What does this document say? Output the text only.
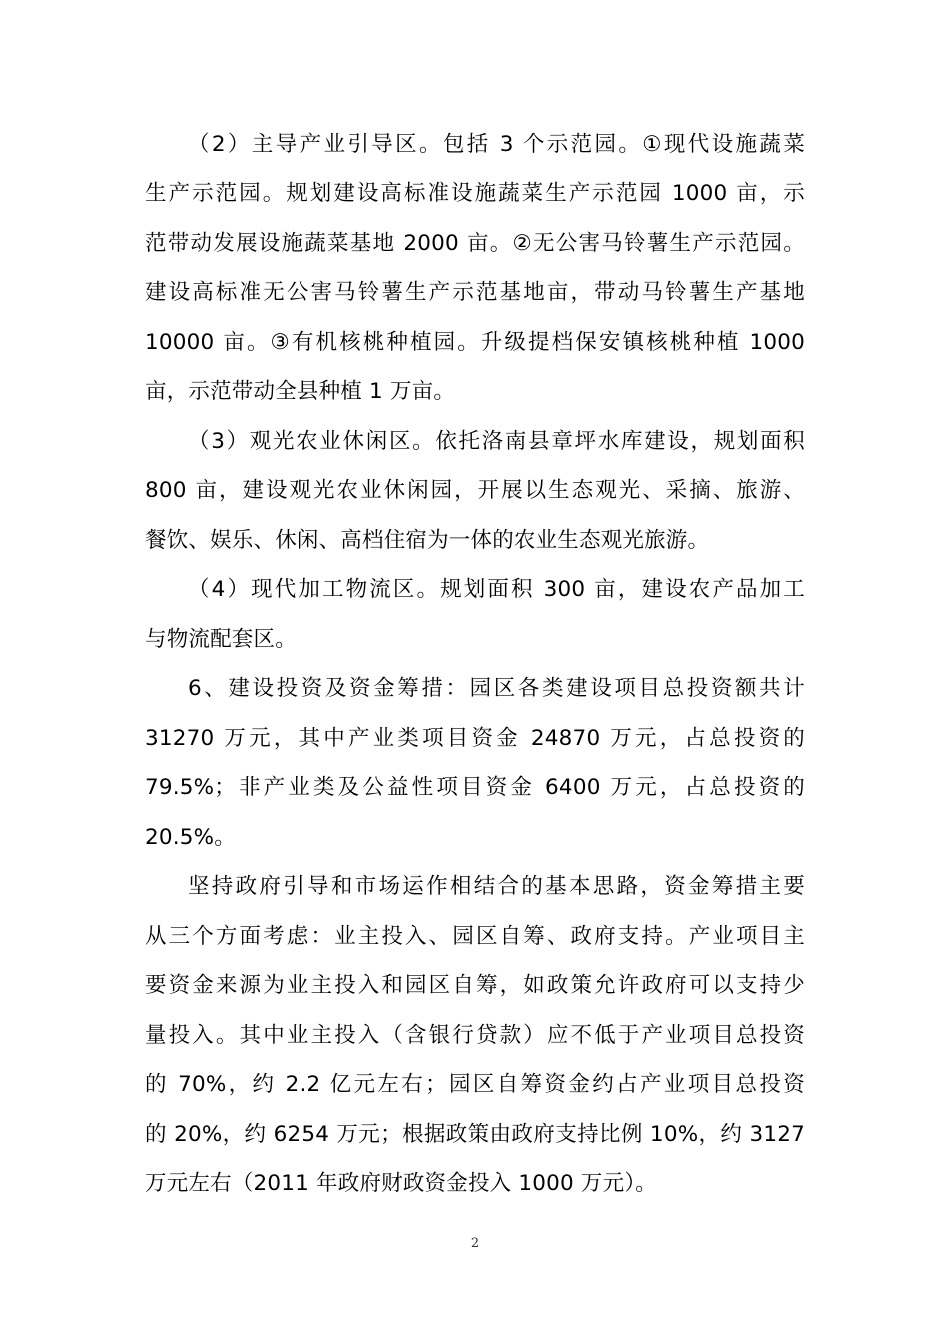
（2）主导产业引导区。包括 3 个示范园。①现代设施蔬菜
生产示范园。规划建设高标准设施蔬菜生产示范园 1000 亩，示
范带动发展设施蔬菜基地 2000 亩。②无公害马铃薯生产示范园。
建设高标准无公害马铃薯生产示范基地亩，带动马铃薯生产基地
10000 亩。③有机核桃种植园。升级提档保安镇核桃种植 1000
亩，示范带动全县种植 1 万亩。
（3）观光农业休闲区。依托洛南县章坪水库建设，规划面积
800 亩，建设观光农业休闲园，开展以生态观光、采摘、旅游、
餐饮、娱乐、休闲、高档住宿为一体的农业生态观光旅游。
（4）现代加工物流区。规划面积 300 亩，建设农产品加工
与物流配套区。
6、建设投资及资金筹措：园区各类建设项目总投资额共计
31270 万元，其中产业类项目资金 24870 万元，占总投资的
79.5%；非产业类及公益性项目资金 6400 万元，占总投资的
20.5%。
坚持政府引导和市场运作相结合的基本思路，资金筹措主要
从三个方面考虑：业主投入、园区自筹、政府支持。产业项目主
要资金来源为业主投入和园区自筹，如政策允许政府可以支持少
量投入。其中业主投入（含银行贷款）应不低于产业项目总投资
的 70%，约 2.2 亿元左右；园区自筹资金约占产业项目总投资
的 20%，约 6254 万元；根据政策由政府支持比例 10%，约 3127
万元左右（2011 年政府财政资金投入 1000 万元）。
2
